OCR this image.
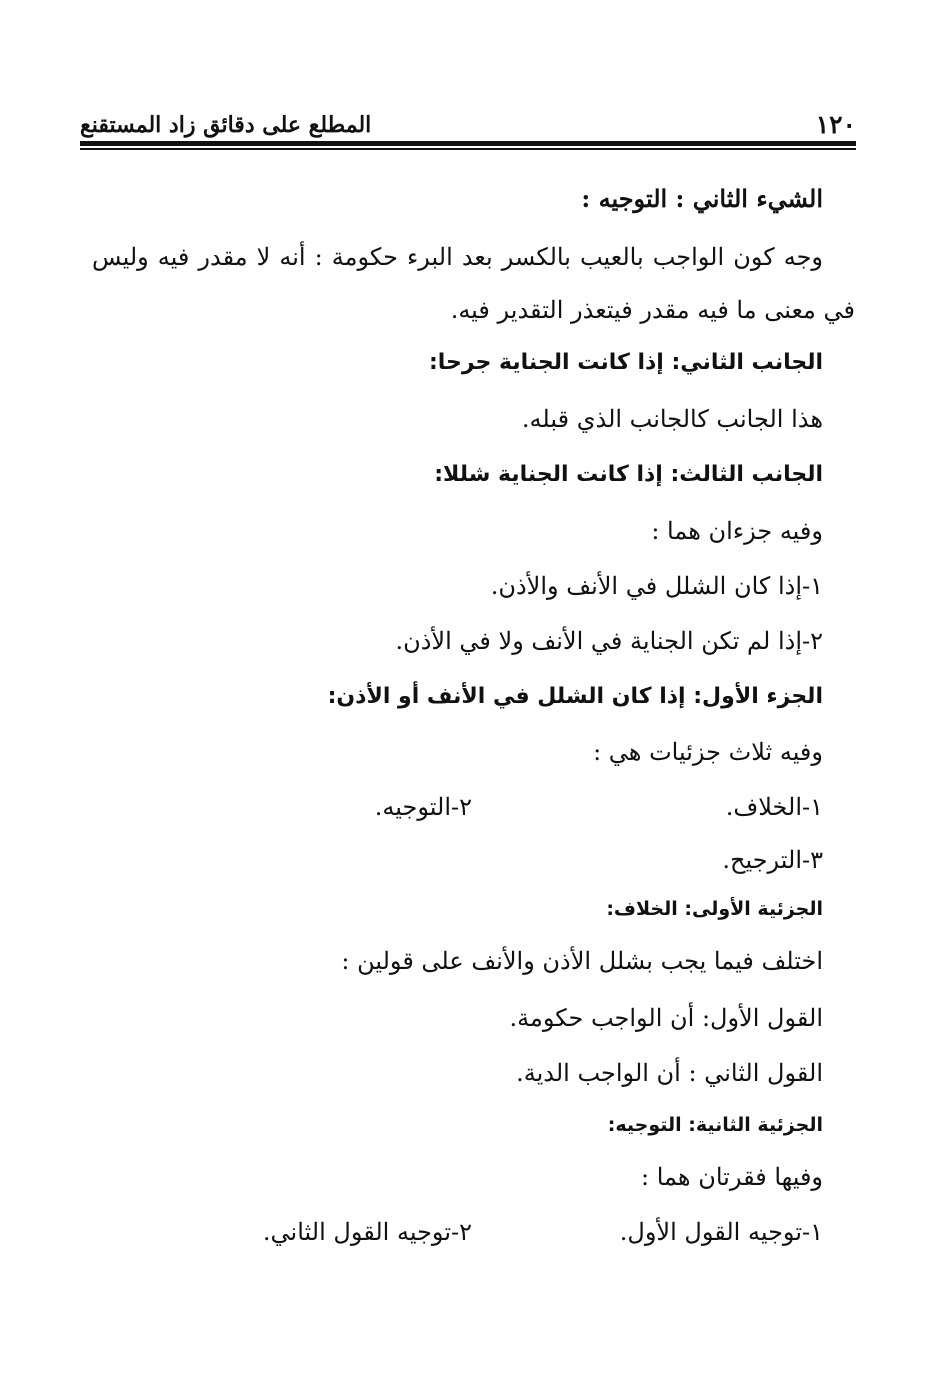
١٢٠
المطلع على دقائق زاد المستقنع
الشيء الثاني : التوجيه :
وجه كون الواجب بالعيب بالكسر بعد البرء حكومة : أنه لا مقدر فيه وليس
في معنى ما فيه مقدر فيتعذر التقدير فيه.
الجانب الثاني: إذا كانت الجناية جرحا:
هذا الجانب كالجانب الذي قبله.
الجانب الثالث: إذا كانت الجناية شللا:
وفيه جزءان هما :
١-إذا كان الشلل في الأنف والأذن.
٢-إذا لم تكن الجناية في الأنف ولا في الأذن.
الجزء الأول: إذا كان الشلل في الأنف أو الأذن:
وفيه ثلاث جزئيات هي :
١-الخلاف.
٢-التوجيه.
٣-الترجيح.
الجزئية الأولى: الخلاف:
اختلف فيما يجب بشلل الأذن والأنف على قولين :
القول الأول: أن الواجب حكومة.
القول الثاني : أن الواجب الدية.
الجزئية الثانية: التوجيه:
وفيها فقرتان هما :
١-توجيه القول الأول.
٢-توجيه القول الثاني.
